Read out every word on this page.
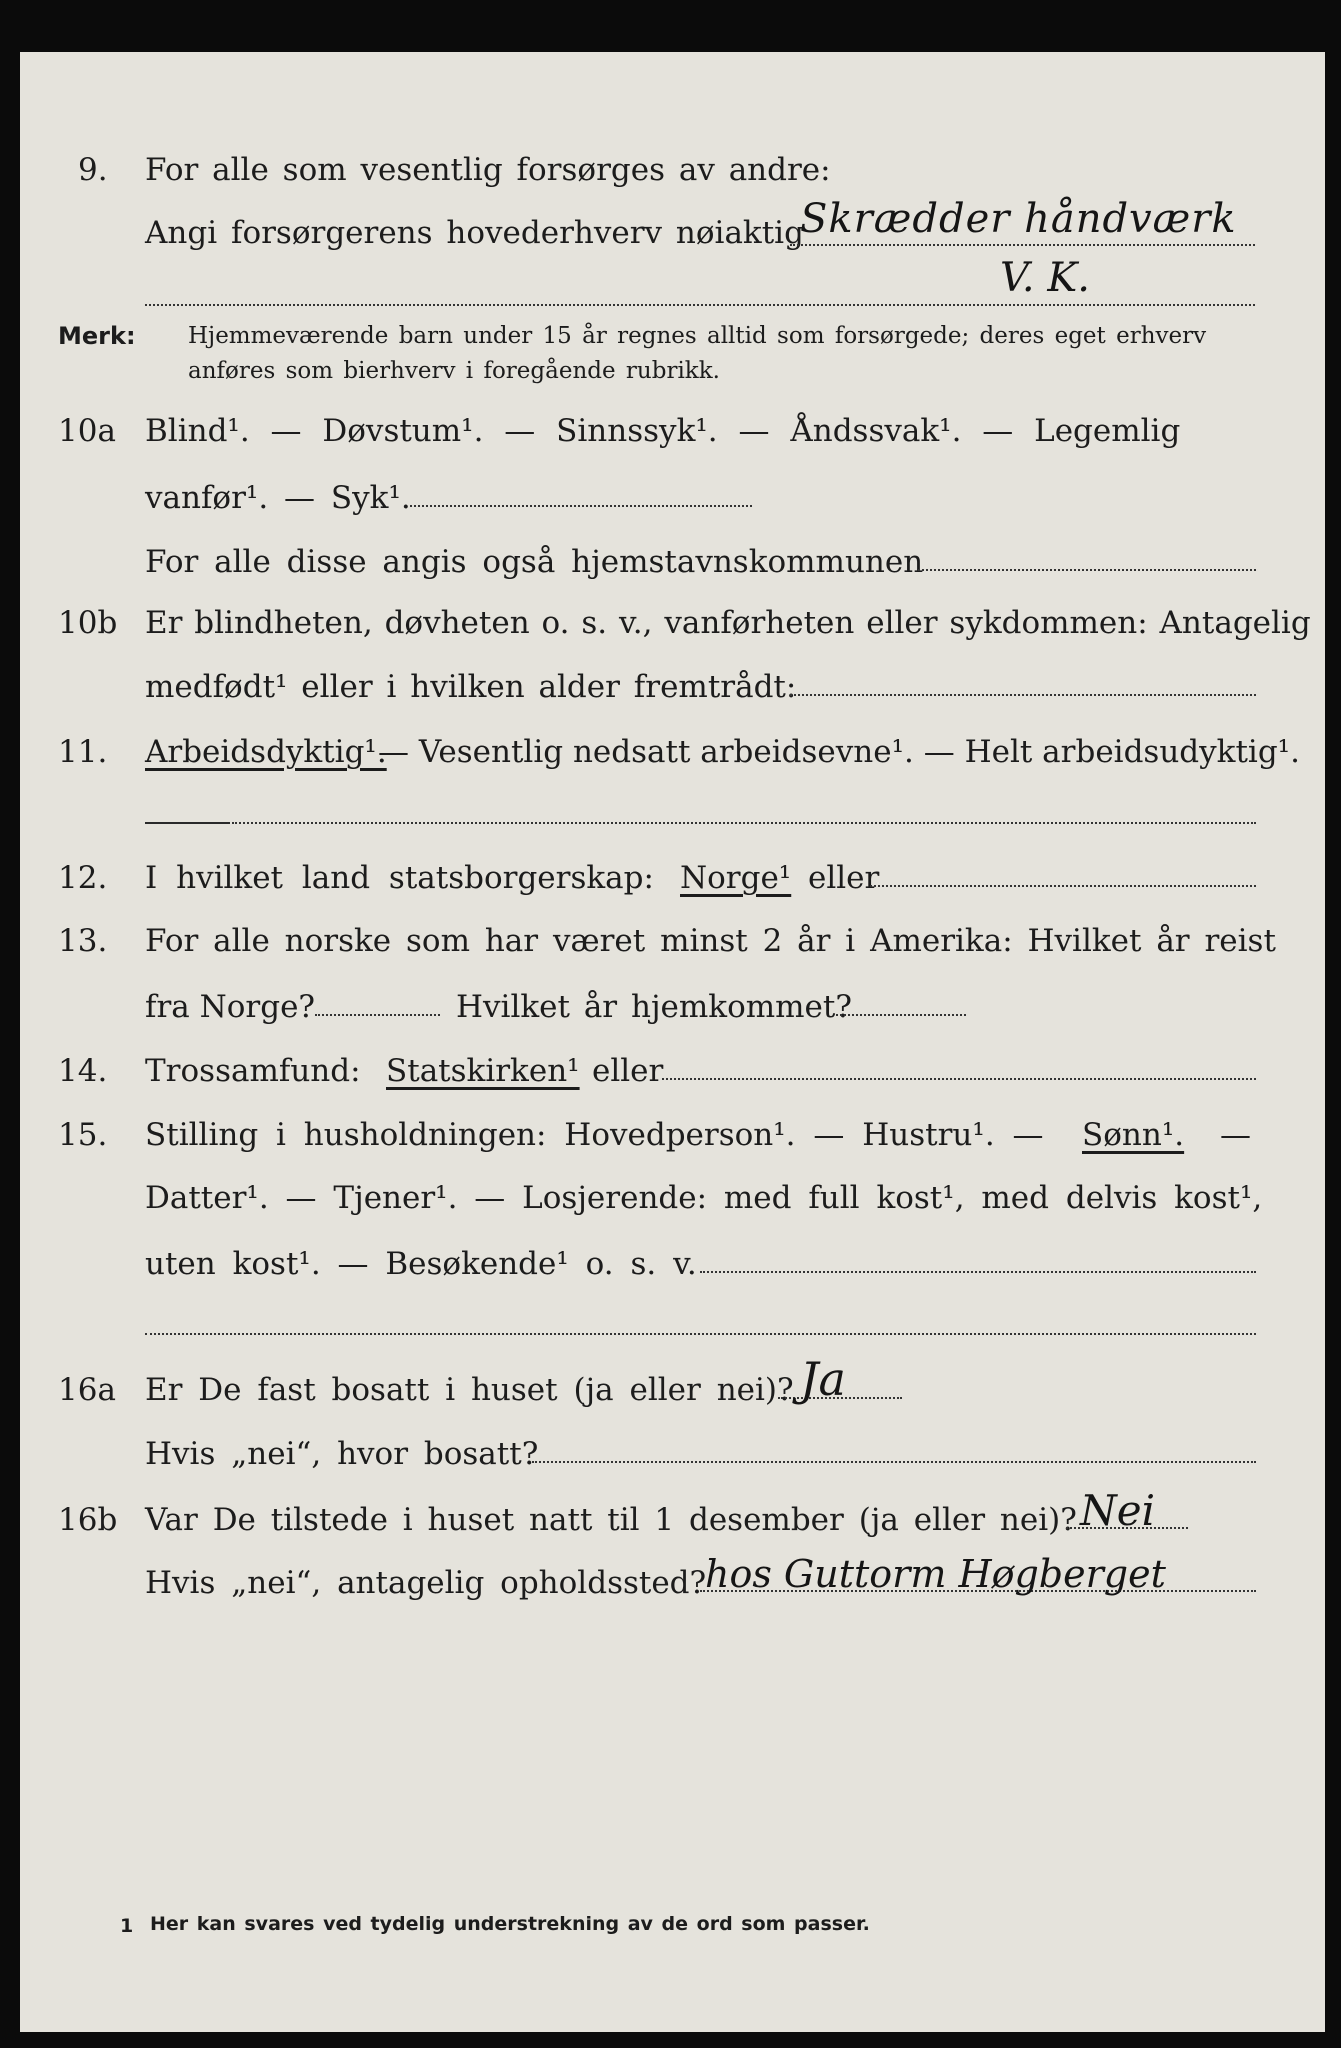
9. For alle som vesentlig forsørges av andre:
Angi forsørgerens hovederhverv nøiaktig
Skrædder håndværk
V. K.
Merk: Hjemmeværende barn under 15 år regnes alltid som forsørgede; deres eget erhverv
anføres som bierhverv i foregående rubrikk.
10a Blind¹. — Døvstum¹. — Sinnssyk¹. — Åndssvak¹. — Legemlig
vanfør¹. — Syk¹.
For alle disse angis også hjemstavnskommunen
10b Er blindheten, døvheten o. s. v., vanførheten eller sykdommen: Antagelig
medfødt¹ eller i hvilken alder fremtrådt:
11. Arbeidsdyktig¹.
— Vesentlig nedsatt arbeidsevne¹. — Helt arbeidsudyktig¹.
12. I hvilket land statsborgerskap: Norge¹ eller
13. For alle norske som har været minst 2 år i Amerika: Hvilket år reist
fra Norge?	Hvilket år hjemkommet?
14. Trossamfund: Statskirken¹ eller
15. Stilling i husholdningen: Hovedperson¹. — Hustru¹. — Sønn¹. —
Datter¹. — Tjener¹. — Losjerende: med full kost¹, med delvis kost¹,
uten kost¹. — Besøkende¹ o. s. v.
16a Er De fast bosatt i huset (ja eller nei)? Ja
Hvis „nei“, hvor bosatt?
16b Var De tilstede i huset natt til 1 desember (ja eller nei)? Nei
Hvis „nei“, antagelig opholdssted?
hos Guttorm Høgberget
1 Her kan svares ved tydelig understrekning av de ord som passer.
